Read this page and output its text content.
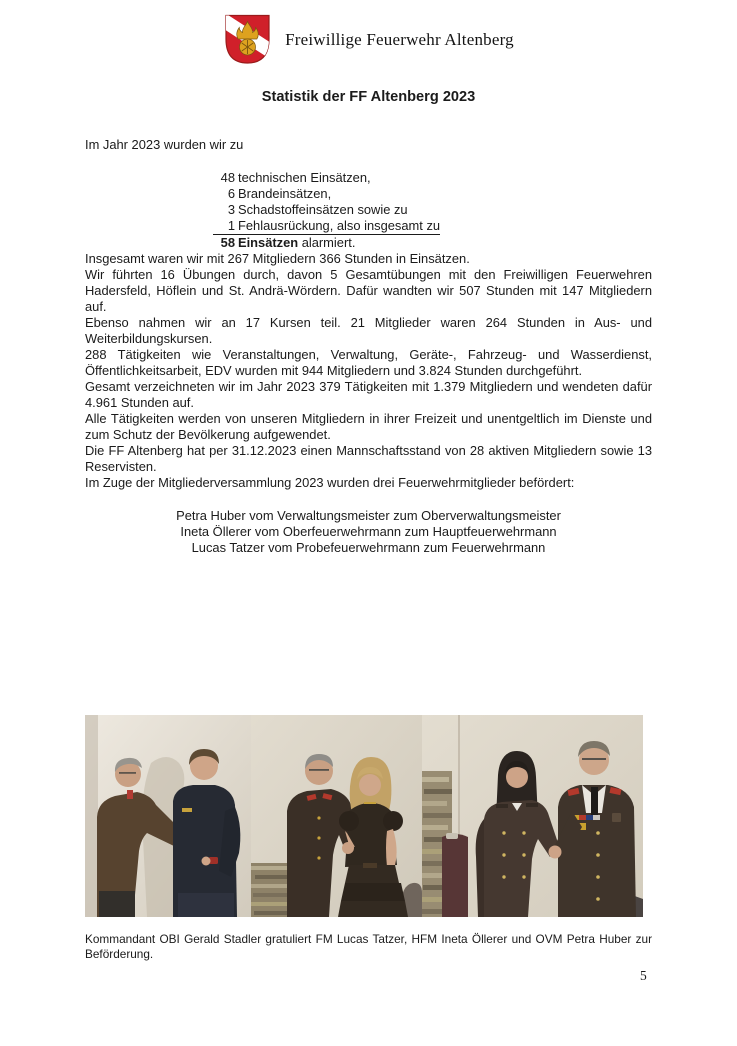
Freiwillige Feuerwehr Altenberg
Statistik der FF Altenberg 2023

Im Jahr 2023 wurden wir zu

48 technischen Einsätzen,
6 Brandeinsätzen,
3 Schadstoffeinsätzen sowie zu
1 Fehlausrückung, also insgesamt zu
58 Einsätzen alarmiert.

Insgesamt waren wir mit 267 Mitgliedern 366 Stunden in Einsätzen.

Wir führten 16 Übungen durch, davon 5 Gesamtübungen mit den Freiwilligen Feuerwehren Hadersfeld, Höflein und St. Andrä-Wördern. Dafür wandten wir 507 Stunden mit 147 Mitgliedern auf.

Ebenso nahmen wir an 17 Kursen teil. 21 Mitglieder waren 264 Stunden in Aus- und Weiterbildungskursen.

288 Tätigkeiten wie Veranstaltungen, Verwaltung, Geräte-, Fahrzeug- und Wasserdienst, Öffentlichkeitsarbeit, EDV wurden mit 944 Mitgliedern und 3.824 Stunden durchgeführt.

Gesamt verzeichneten wir im Jahr 2023 379 Tätigkeiten mit 1.379 Mitgliedern und wendeten dafür 4.961 Stunden auf.

Alle Tätigkeiten werden von unseren Mitgliedern in ihrer Freizeit und unentgeltlich im Dienste und zum Schutz der Bevölkerung aufgewendet.

Die FF Altenberg hat per 31.12.2023 einen Mannschaftsstand von 28 aktiven Mitgliedern sowie 13 Reservisten.

Im Zuge der Mitgliederversammlung 2023 wurden drei Feuerwehrmitglieder befördert:

Petra Huber vom Verwaltungsmeister zum Oberverwaltungsmeister
Ineta Öllerer vom Oberfeuerwehrmann zum Hauptfeuerwehrmann
Lucas Tatzer vom Probefeuerwehrmann zum Feuerwehrmann

Kommandant OBI Gerald Stadler gratuliert FM Lucas Tatzer, HFM Ineta Öllerer und OVM Petra Huber zur Beförderung.

5
